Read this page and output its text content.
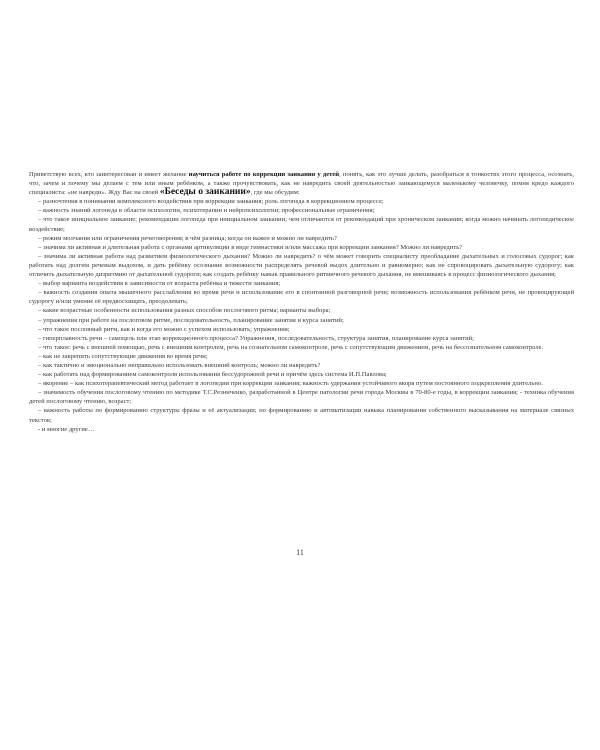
Приветствую всех, кто заинтересован и имеет желание научиться работе по коррекции заикания у детей, понять, как это лучше делать, разобраться в тонкостях этого процесса, осознать, что, зачем и почему мы делаем с тем или иным ребёнком, а также прочувствовать, как не навредить своей деятельностью заикающемуся маленькому человечку, помня кредо каждого специалиста: «не навреди». Жду Вас на своей «Беседы о заикании», где мы обсудим:

– разночтения в понимании комплексного воздействия при коррекции заикания; роль логопеда в коррекционном процессе;

– важность знаний логопеда в области психологии, психотерапии и нейропсихологии; профессиональные ограничения;

– что такое инициальное заикание; рекомендации логопеда при инициальном заикании; чем отличаются от рекомендаций при хроническом заикании; когда можно начинать логопедическое воздействие;

– режим молчания или ограничения речеговорения; в чём разница; когда он важен и можно ли навредить?

– значима ли активная и длительная работа с органами артикуляции в виде гимнастики и/или массажа при коррекции заикания? Можно ли навредить?

– значима ли активная работа над развитием физиологического дыхания? Можно ли навредить? о чём может говорить специалисту преобладание дыхательных и голосовых судорог; как работать над долгим речевым выдохом, и дать ребёнку осознание возможности распределять речевой выдох длительно и равномерно; как не спровоцировать дыхательную судорогу; как отличить дыхательную дизритмию от дыхательной судороги; как создать ребёнку навык правильного ритмичного речевого дыхания, не вмешиваясь в процесс физиологического дыхания;

– выбор варианта воздействия в зависимости от возраста ребёнка и тяжести заикания;

– важность создания опыта мышечного расслабления во время речи и использование его в спонтанной разговорной речи; возможность использования ребёнком речи, не провоцирующей судорогу и/или умение её предвосхищать, преодолевать;

– какие возрастные особенности использования разных способов послогового ритма; варианты выбора;

– упражнения при работе на послоговом ритме, последовательность, планирование занятия и курса занятий;

– что такое пословный ритм, как и когда его можно с успехом использовать; упражнения;

– гиперплавность речи – самоцель или этап коррекционного процесса? Упражнения, последовательность, структура занятия, планирование курса занятий;

– что такое: речь с внешней помощью, речь с внешним контролем, речь на сознательном самоконтроле, речь с сопутствующим движением, речь на бессознательном самоконтроле.

– как не закрепить сопутствующие движения во время речи;

– как тактично и эмоционально неправильно использовать внешний контроль; можно ли навредить?

– как работать над формированием самоконтроля использования бессудорожной речи и причём здесь система И.П.Павлова;

– якорение – как психотерапевтический метод работает в логопедии при коррекции заикания; важность удержания устойчивого якоря путем постоянного подкрепления длительно.

– значимость обучения послоговому чтению по методике Т.С.Резниченко, разработанной в Центре патологии речи города Москвы в 70-80-е годы, в коррекции заикания; - техника обучения детей послоговому чтению, возраст;

– важность работы по формированию структуры фразы и её актуализации; по формированию и автоматизации навыка планирования собственного высказывания на материале связных текстов;

- и многие другие…

11
